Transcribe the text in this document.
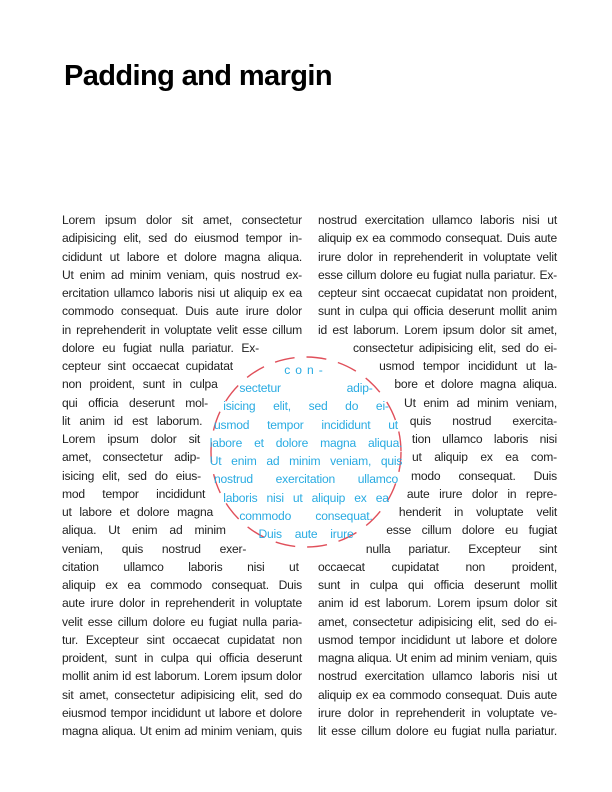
Padding and margin
Lorem ipsum dolor sit amet, consectetur
adipisicing elit, sed do eiusmod tempor in-
cididunt ut labore et dolore magna aliqua.
Ut enim ad minim veniam, quis nostrud ex-
ercitation ullamco laboris nisi ut aliquip ex ea
commodo consequat. Duis aute irure dolor
in reprehenderit in voluptate velit esse cillum
dolore eu fugiat nulla pariatur. Ex-
cepteur sint occaecat cupidatat
non proident, sunt in culpa
qui officia deserunt mol-
lit anim id est laborum.
Lorem ipsum dolor sit
amet, consectetur adip-
isicing elit, sed do eius-
mod tempor incididunt
ut labore et dolore magna
aliqua. Ut enim ad minim
veniam, quis nostrud exer-
citation ullamco laboris nisi ut
aliquip ex ea commodo consequat. Duis
aute irure dolor in reprehenderit in voluptate
velit esse cillum dolore eu fugiat nulla paria-
tur. Excepteur sint occaecat cupidatat non
proident, sunt in culpa qui officia deserunt
mollit anim id est laborum. Lorem ipsum dolor
sit amet, consectetur adipisicing elit, sed do
eiusmod tempor incididunt ut labore et dolore
magna aliqua. Ut enim ad minim veniam, quis
nostrud exercitation ullamco laboris nisi ut
aliquip ex ea commodo consequat. Duis aute
irure dolor in reprehenderit in voluptate velit
esse cillum dolore eu fugiat nulla pariatur. Ex-
cepteur sint occaecat cupidatat non proident,
sunt in culpa qui officia deserunt mollit anim
id est laborum. Lorem ipsum dolor sit amet,
consectetur adipisicing elit, sed do ei-
usmod tempor incididunt ut la-
bore et dolore magna aliqua.
Ut enim ad minim veniam,
quis nostrud exercita-
tion ullamco laboris nisi
ut aliquip ex ea com-
modo consequat. Duis
aute irure dolor in repre-
henderit in voluptate velit
esse cillum dolore eu fugiat
nulla pariatur. Excepteur sint
occaecat cupidatat non proident,
sunt in culpa qui officia deserunt mollit
anim id est laborum. Lorem ipsum dolor sit
amet, consectetur adipisicing elit, sed do ei-
usmod tempor incididunt ut labore et dolore
magna aliqua. Ut enim ad minim veniam, quis
nostrud exercitation ullamco laboris nisi ut
aliquip ex ea commodo consequat. Duis aute
irure dolor in reprehenderit in voluptate ve-
lit esse cillum dolore eu fugiat nulla pariatur.
con-
sectetur adip-
isicing elit, sed do ei-
usmod tempor incididunt ut
labore et dolore magna aliqua.
Ut enim ad minim veniam, quis
nostrud exercitation ullamco
laboris nisi ut aliquip ex ea
commodo consequat.
Duis aute irure
